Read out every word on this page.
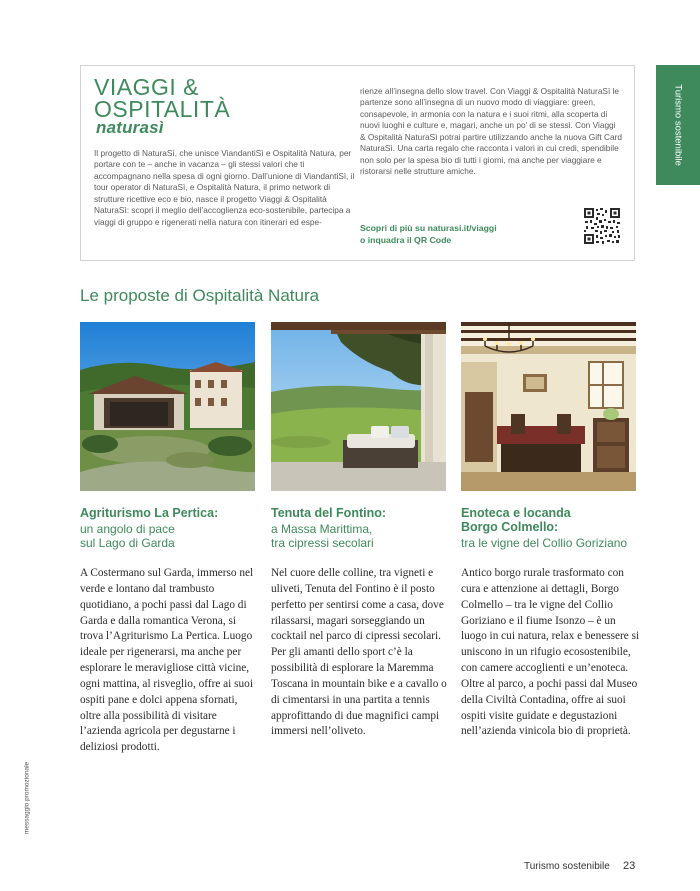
VIAGGI &
OSPITALITÀ
naturasì
Il progetto di NaturaSì, che unisce ViandantiSì e Ospitalità Natura, per portare con te – anche in vacanza – gli stessi valori che ti accompagnano nella spesa di ogni giorno. Dall’unione di ViandantiSì, il tour operator di NaturaSì, e Ospitalità Natura, il primo network di strutture ricettive eco e bio, nasce il progetto Viaggi & Ospitalità NaturaSì: scopri il meglio dell’accoglienza eco-sostenibile, partecipa a viaggi di gruppo e rigenerati nella natura con itinerari ed espe-
rienze all’insegna dello slow travel. Con Viaggi & Ospitalità NaturaSì le partenze sono all’insegna di un nuovo modo di viaggiare: green, consapevole, in armonia con la natura e i suoi ritmi, alla scoperta di nuovi luoghi e culture e, magari, anche un po’ di se stessi. Con Viaggi & Ospitalità NaturaSì potrai partire utilizzando anche la nuova Gift Card NaturaSì. Una carta regalo che racconta i valori in cui credi, spendibile non solo per la spesa bio di tutti i giorni, ma anche per viaggiare e ristorarsi nelle strutture amiche.
Scopri di più su naturasi.it/viaggi
o inquadra il QR Code
Turismo sostenibile
Le proposte di Ospitalità Natura
Agriturismo La Pertica:
un angolo di pace
sul Lago di Garda
A Costermano sul Garda, immerso nel verde e lontano dal trambusto quotidiano, a pochi passi dal Lago di Garda e dalla romantica Verona, si trova l’Agriturismo La Pertica. Luogo ideale per rigenerarsi, ma anche per esplorare le meravigliose città vicine, ogni mattina, al risveglio, offre ai suoi ospiti pane e dolci appena sfornati, oltre alla possibilità di visitare l’azienda agricola per degustarne i deliziosi prodotti.
Tenuta del Fontino:
a Massa Marittima,
tra cipressi secolari
Nel cuore delle colline, tra vigneti e uliveti, Tenuta del Fontino è il posto perfetto per sentirsi come a casa, dove rilassarsi, magari sorseggiando un cocktail nel parco di cipressi secolari. Per gli amanti dello sport c’è la possibilità di esplorare la Maremma Toscana in mountain bike e a cavallo o di cimentarsi in una partita a tennis approfittando di due magnifici campi immersi nell’oliveto.
Enoteca e locanda
Borgo Colmello:
tra le vigne del Collio Goriziano
Antico borgo rurale trasformato con cura e attenzione ai dettagli, Borgo Colmello – tra le vigne del Collio Goriziano e il fiume Isonzo – è un luogo in cui natura, relax e benessere si uniscono in un rifugio ecosostenibile, con camere accoglienti e un’enoteca. Oltre al parco, a pochi passi dal Museo della Civiltà Contadina, offre ai suoi ospiti visite guidate e degustazioni nell’azienda vinicola bio di proprietà.
messaggio promozionale
Turismo sostenibile 23
